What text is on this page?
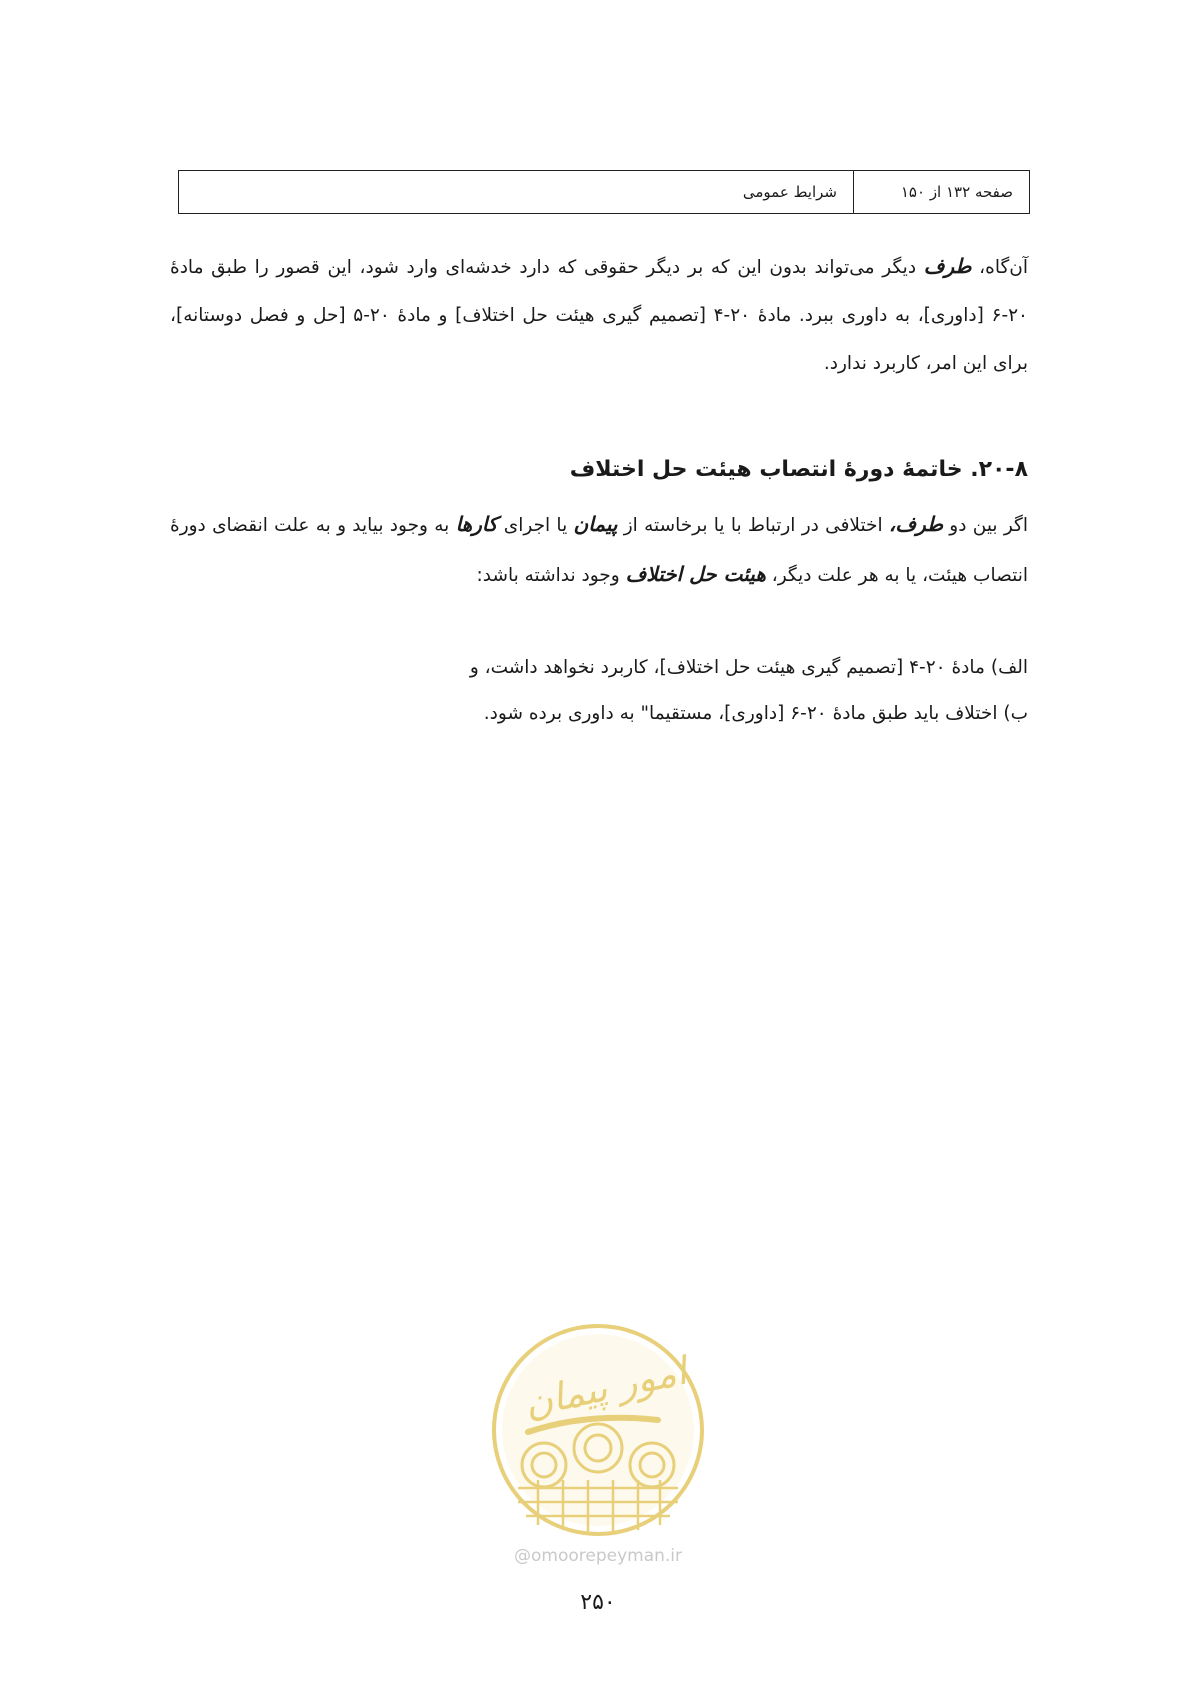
صفحه ۱۳۲ از ۱۵۰
شرایط عمومی

آن‌گاه، طرف دیگر می‌تواند بدون این که بر دیگر حقوقی که دارد خدشه‌ای وارد شود، این قصور را طبق مادهٔ ۲۰-۶ [داوری]، به داوری ببرد. مادهٔ ۲۰-۴ [تصمیم گیری هیئت حل اختلاف] و مادهٔ ۲۰-۵ [حل و فصل دوستانه]، برای این امر، کاربرد ندارد.

۲۰-۸. خاتمهٔ دورهٔ انتصاب هیئت حل اختلاف

اگر بین دو طرف، اختلافی در ارتباط با یا برخاسته از پیمان یا اجرای کارها به وجود بیاید و به علت انقضای دورهٔ انتصاب هیئت، یا به هر علت دیگر، هیئت حل اختلاف وجود نداشته باشد:

الف) مادهٔ ۲۰-۴ [تصمیم گیری هیئت حل اختلاف]، کاربرد نخواهد داشت، و
ب) اختلاف باید طبق مادهٔ ۲۰-۶ [داوری]، مستقیما" به داوری برده شود.
امور پیمان
@omoorepeyman.ir
۲۵۰
